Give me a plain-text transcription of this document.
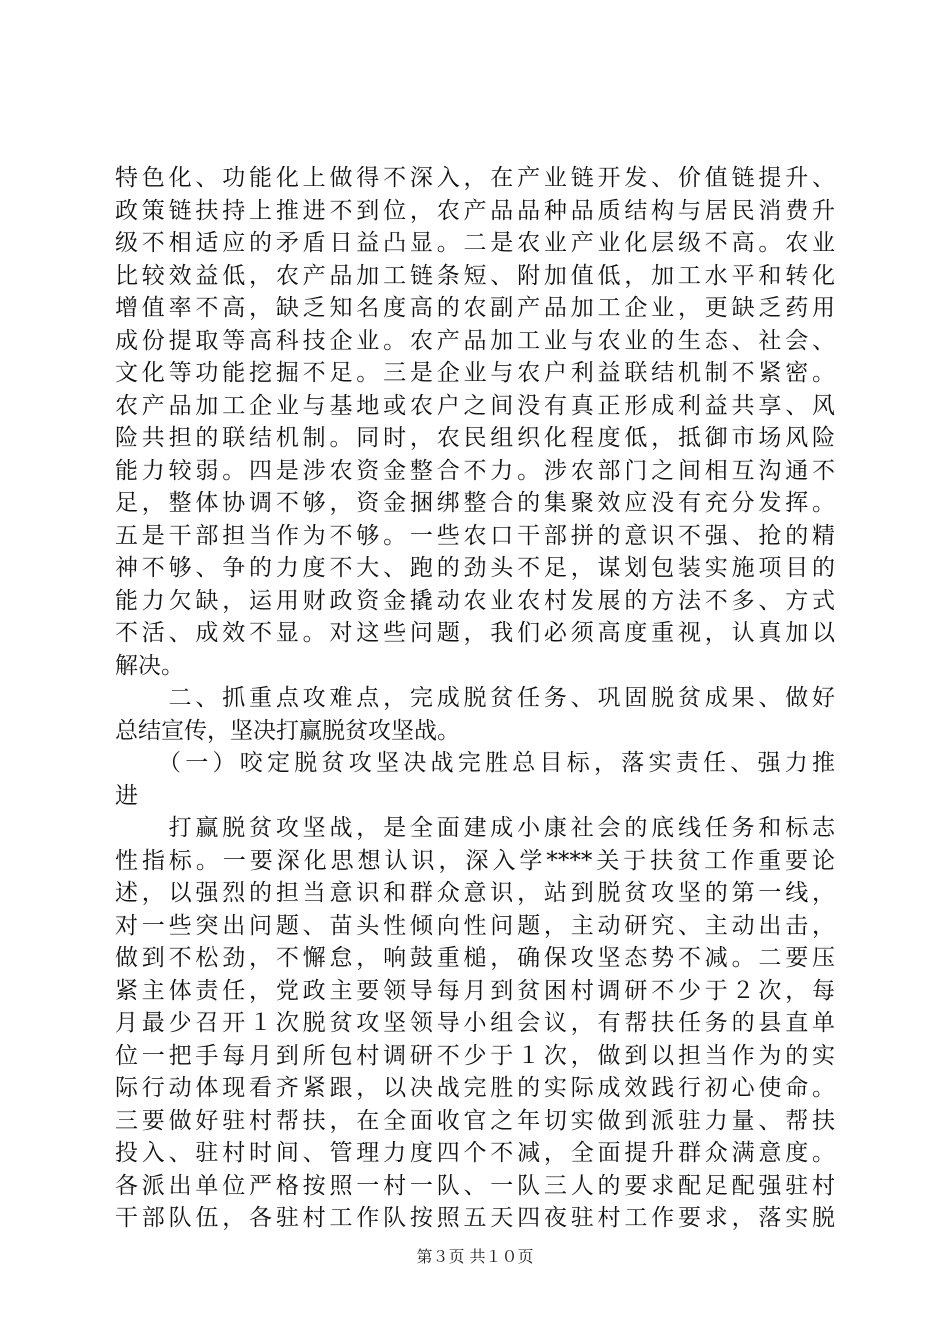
特色化、功能化上做得不深入，在产业链开发、价值链提升、
政策链扶持上推进不到位，农产品品种品质结构与居民消费升
级不相适应的矛盾日益凸显。二是农业产业化层级不高。农业
比较效益低，农产品加工链条短、附加值低，加工水平和转化
增值率不高，缺乏知名度高的农副产品加工企业，更缺乏药用
成份提取等高科技企业。农产品加工业与农业的生态、社会、
文化等功能挖掘不足。三是企业与农户利益联结机制不紧密。
农产品加工企业与基地或农户之间没有真正形成利益共享、风
险共担的联结机制。同时，农民组织化程度低，抵御市场风险
能力较弱。四是涉农资金整合不力。涉农部门之间相互沟通不
足，整体协调不够，资金捆绑整合的集聚效应没有充分发挥。
五是干部担当作为不够。一些农口干部拼的意识不强、抢的精
神不够、争的力度不大、跑的劲头不足，谋划包装实施项目的
能力欠缺，运用财政资金撬动农业农村发展的方法不多、方式
不活、成效不显。对这些问题，我们必须高度重视，认真加以
解决。
　　二、抓重点攻难点，完成脱贫任务、巩固脱贫成果、做好
总结宣传，坚决打赢脱贫攻坚战。
　　（一）咬定脱贫攻坚决战完胜总目标，落实责任、强力推
进
　　打赢脱贫攻坚战，是全面建成小康社会的底线任务和标志
性指标。一要深化思想认识，深入学****关于扶贫工作重要论
述，以强烈的担当意识和群众意识，站到脱贫攻坚的第一线，
对一些突出问题、苗头性倾向性问题，主动研究、主动出击，
做到不松劲，不懈怠，响鼓重槌，确保攻坚态势不减。二要压
紧主体责任，党政主要领导每月到贫困村调研不少于２次，每
月最少召开１次脱贫攻坚领导小组会议，有帮扶任务的县直单
位一把手每月到所包村调研不少于１次，做到以担当作为的实
际行动体现看齐紧跟，以决战完胜的实际成效践行初心使命。
三要做好驻村帮扶，在全面收官之年切实做到派驻力量、帮扶
投入、驻村时间、管理力度四个不减，全面提升群众满意度。
各派出单位严格按照一村一队、一队三人的要求配足配强驻村
干部队伍，各驻村工作队按照五天四夜驻村工作要求，落实脱
第３页 共１０页
